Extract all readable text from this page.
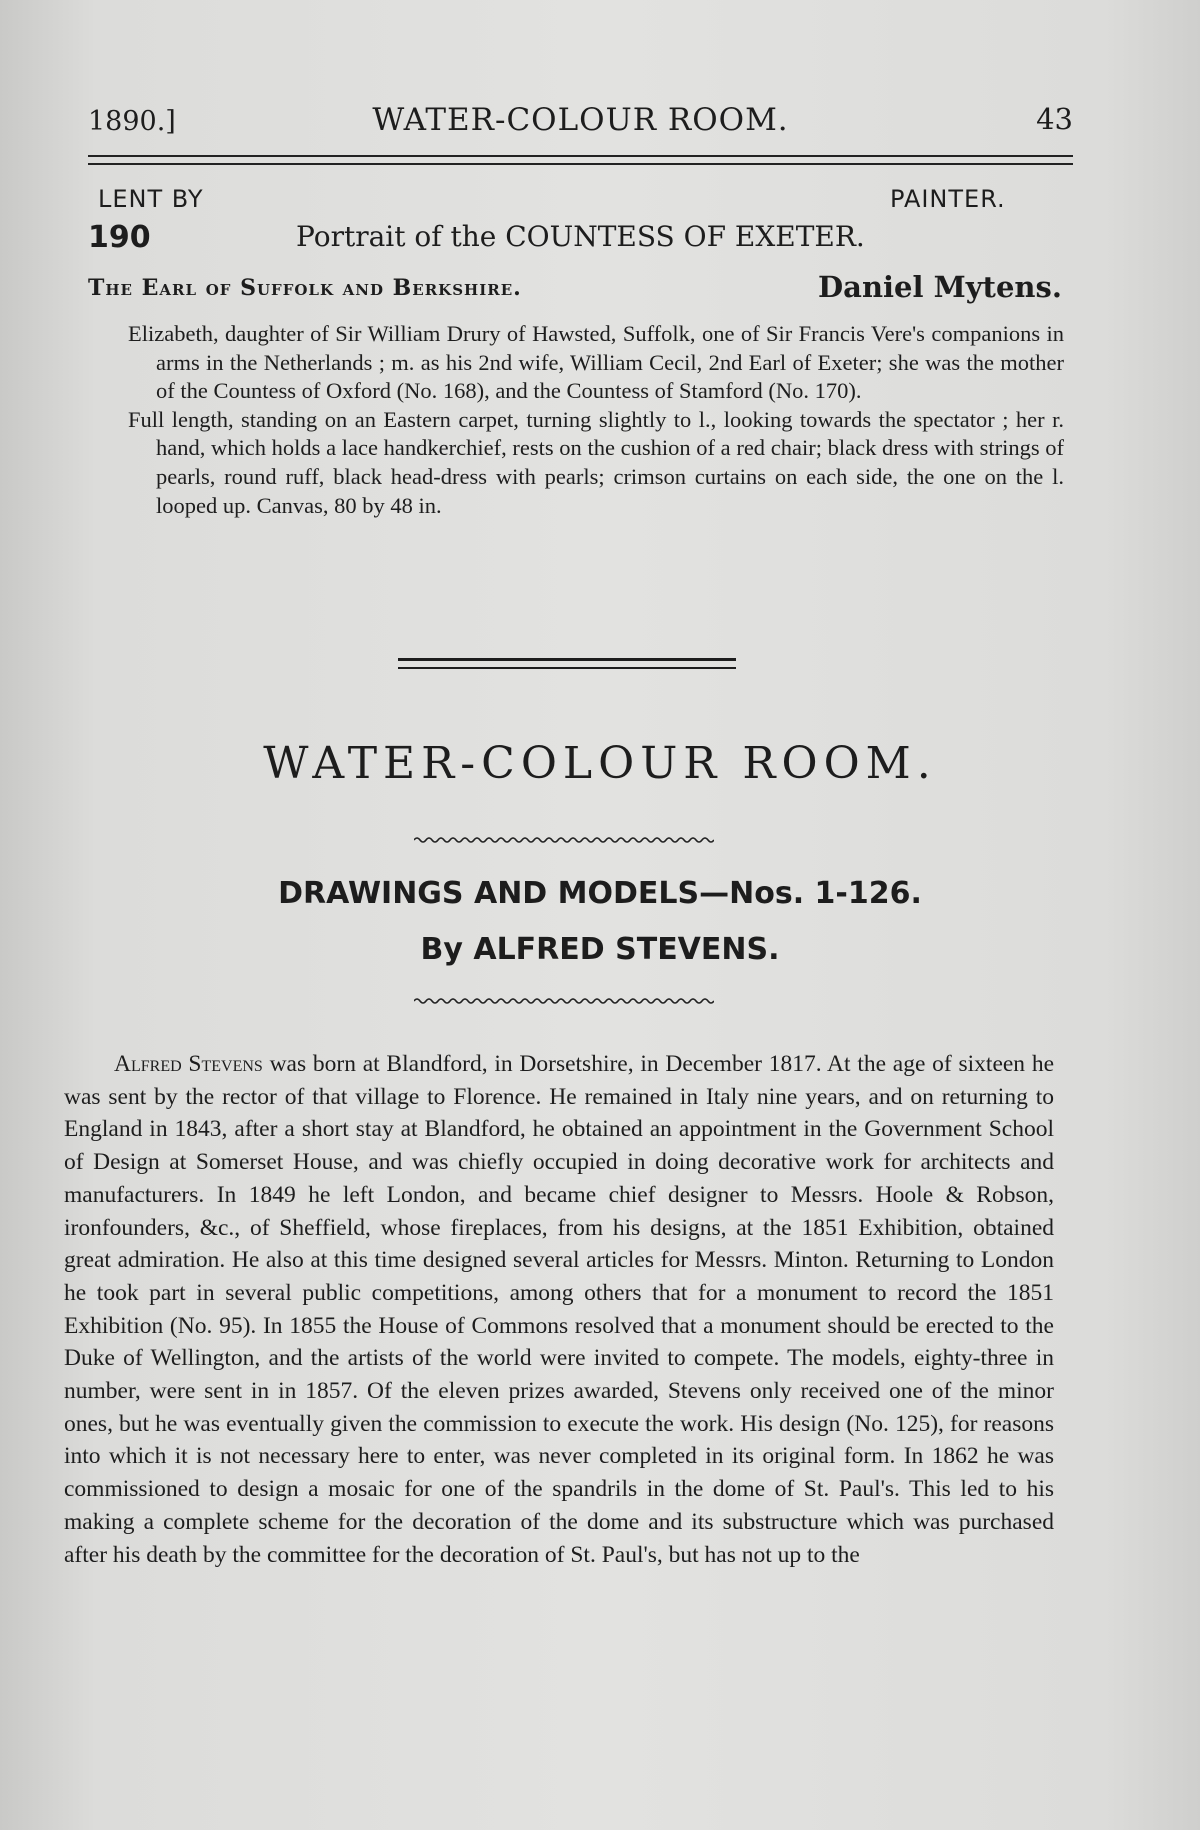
1890.]	WATER-COLOUR ROOM.	43
LENT BY	PAINTER.
190	Portrait of the COUNTESS OF EXETER.
The Earl of Suffolk and Berkshire.	Daniel Mytens.

Elizabeth, daughter of Sir William Drury of Hawsted, Suffolk, one of Sir Francis Vere's companions in arms in the Netherlands ; m. as his 2nd wife, William Cecil, 2nd Earl of Exeter; she was the mother of the Countess of Oxford (No. 168), and the Countess of Stamford (No. 170).

Full length, standing on an Eastern carpet, turning slightly to l., looking towards the spectator ; her r. hand, which holds a lace handkerchief, rests on the cushion of a red chair; black dress with strings of pearls, round ruff, black head-dress with pearls; crimson curtains on each side, the one on the l. looped up. Canvas, 80 by 48 in.

WATER-COLOUR ROOM.
DRAWINGS AND MODELS—Nos. 1-126.
By ALFRED STEVENS.

Alfred Stevens was born at Blandford, in Dorsetshire, in December 1817. At the age of sixteen he was sent by the rector of that village to Florence. He remained in Italy nine years, and on returning to England in 1843, after a short stay at Blandford, he obtained an appointment in the Government School of Design at Somerset House, and was chiefly occupied in doing decorative work for architects and manufacturers. In 1849 he left London, and became chief designer to Messrs. Hoole & Robson, ironfounders, &c., of Sheffield, whose fireplaces, from his designs, at the 1851 Exhibition, obtained great admiration. He also at this time designed several articles for Messrs. Minton. Returning to London he took part in several public competitions, among others that for a monument to record the 1851 Exhibition (No. 95). In 1855 the House of Commons resolved that a monument should be erected to the Duke of Wellington, and the artists of the world were invited to compete. The models, eighty-three in number, were sent in in 1857. Of the eleven prizes awarded, Stevens only received one of the minor ones, but he was eventually given the commission to execute the work. His design (No. 125), for reasons into which it is not necessary here to enter, was never completed in its original form. In 1862 he was commissioned to design a mosaic for one of the spandrils in the dome of St. Paul's. This led to his making a complete scheme for the decoration of the dome and its substructure which was purchased after his death by the committee for the decoration of St. Paul's, but has not up to the
